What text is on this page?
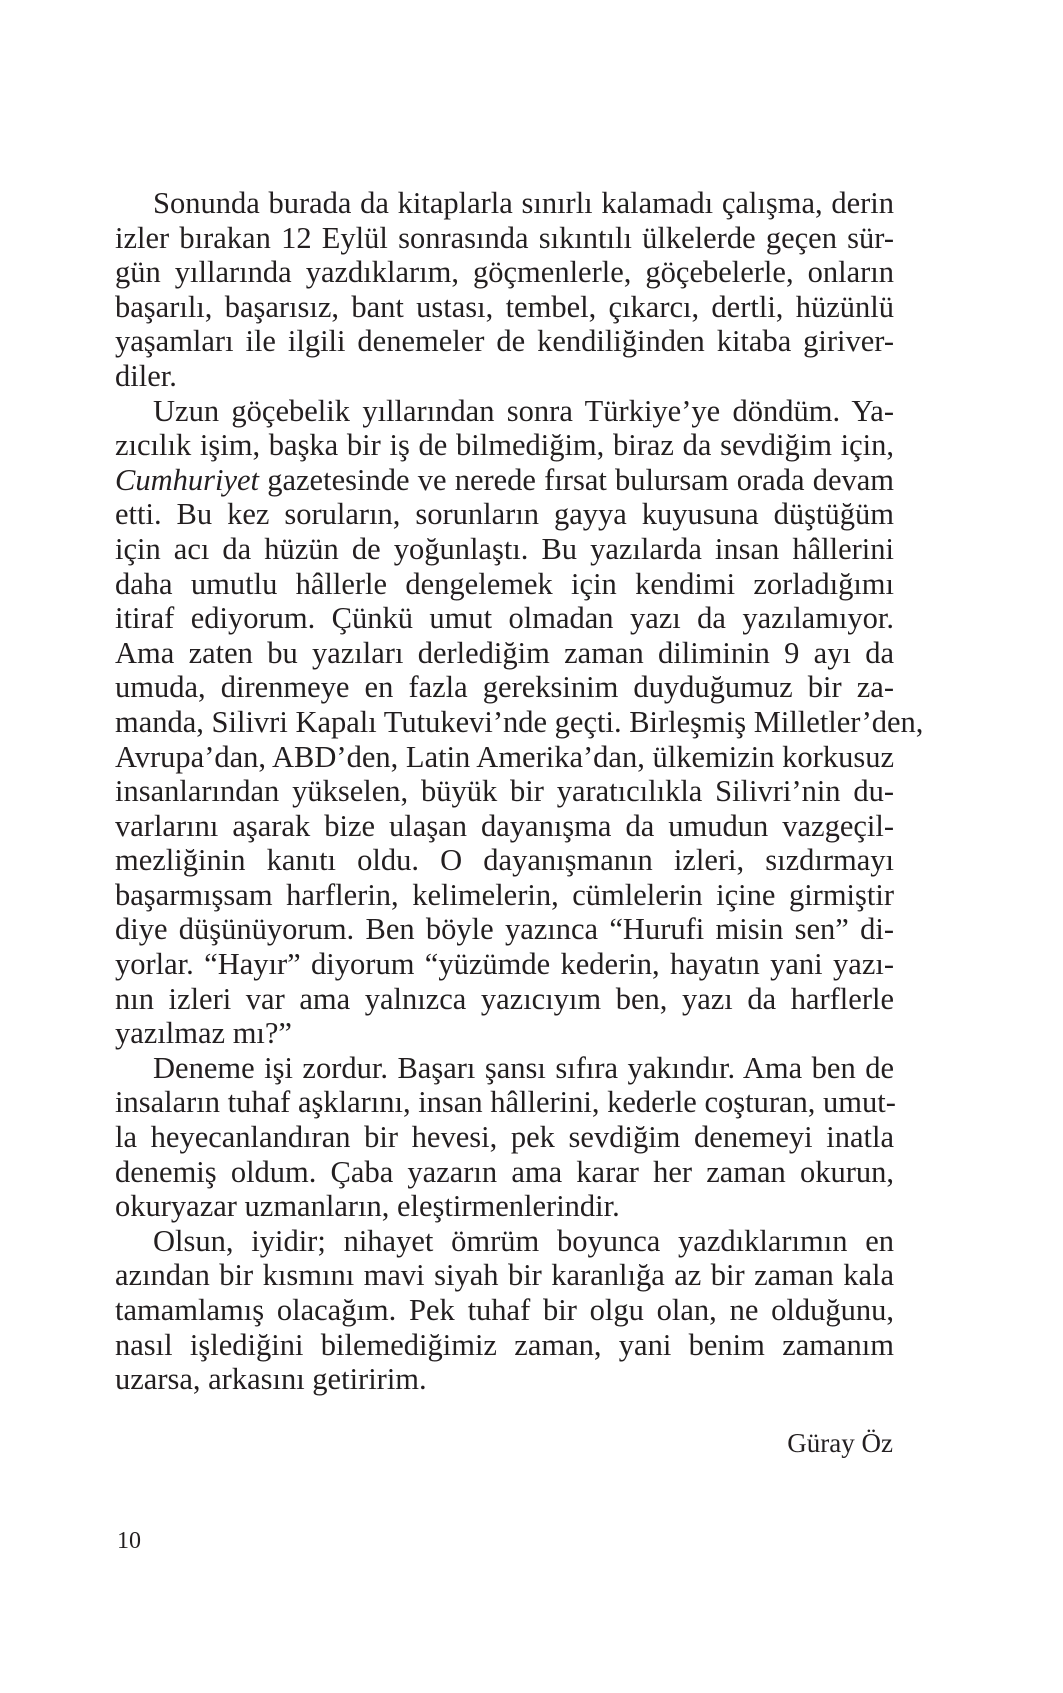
Sonunda burada da kitaplarla sınırlı kalamadı çalışma, derin
izler bırakan 12 Eylül sonrasında sıkıntılı ülkelerde geçen sür-
gün yıllarında yazdıklarım, göçmenlerle, göçebelerle, onların
başarılı, başarısız, bant ustası, tembel, çıkarcı, dertli, hüzünlü
yaşamları ile ilgili denemeler de kendiliğinden kitaba giriver-
diler.
Uzun göçebelik yıllarından sonra Türkiye’ye döndüm. Ya-
zıcılık işim, başka bir iş de bilmediğim, biraz da sevdiğim için,
Cumhuriyet gazetesinde ve nerede fırsat bulursam orada devam
etti. Bu kez soruların, sorunların gayya kuyusuna düştüğüm
için acı da hüzün de yoğunlaştı. Bu yazılarda insan hâllerini
daha umutlu hâllerle dengelemek için kendimi zorladığımı
itiraf ediyorum. Çünkü umut olmadan yazı da yazılamıyor.
Ama zaten bu yazıları derlediğim zaman diliminin 9 ayı da
umuda, direnmeye en fazla gereksinim duyduğumuz bir za-
manda, Silivri Kapalı Tutukevi’nde geçti. Birleşmiş Milletler’den,
Avrupa’dan, ABD’den, Latin Amerika’dan, ülkemizin korkusuz
insanlarından yükselen, büyük bir yaratıcılıkla Silivri’nin du-
varlarını aşarak bize ulaşan dayanışma da umudun vazgeçil-
mezliğinin kanıtı oldu. O dayanışmanın izleri, sızdırmayı
başarmışsam harflerin, kelimelerin, cümlelerin içine girmiştir
diye düşünüyorum. Ben böyle yazınca “Hurufi misin sen” di-
yorlar. “Hayır” diyorum “yüzümde kederin, hayatın yani yazı-
nın izleri var ama yalnızca yazıcıyım ben, yazı da harflerle
yazılmaz mı?”
Deneme işi zordur. Başarı şansı sıfıra yakındır. Ama ben de
insaların tuhaf aşklarını, insan hâllerini, kederle coşturan, umut-
la heyecanlandıran bir hevesi, pek sevdiğim denemeyi inatla
denemiş oldum. Çaba yazarın ama karar her zaman okurun,
okuryazar uzmanların, eleştirmenlerindir.
Olsun, iyidir; nihayet ömrüm boyunca yazdıklarımın en
azından bir kısmını mavi siyah bir karanlığa az bir zaman kala
tamamlamış olacağım. Pek tuhaf bir olgu olan, ne olduğunu,
nasıl işlediğini bilemediğimiz zaman, yani benim zamanım
uzarsa, arkasını getiririm.
Güray Öz
10
